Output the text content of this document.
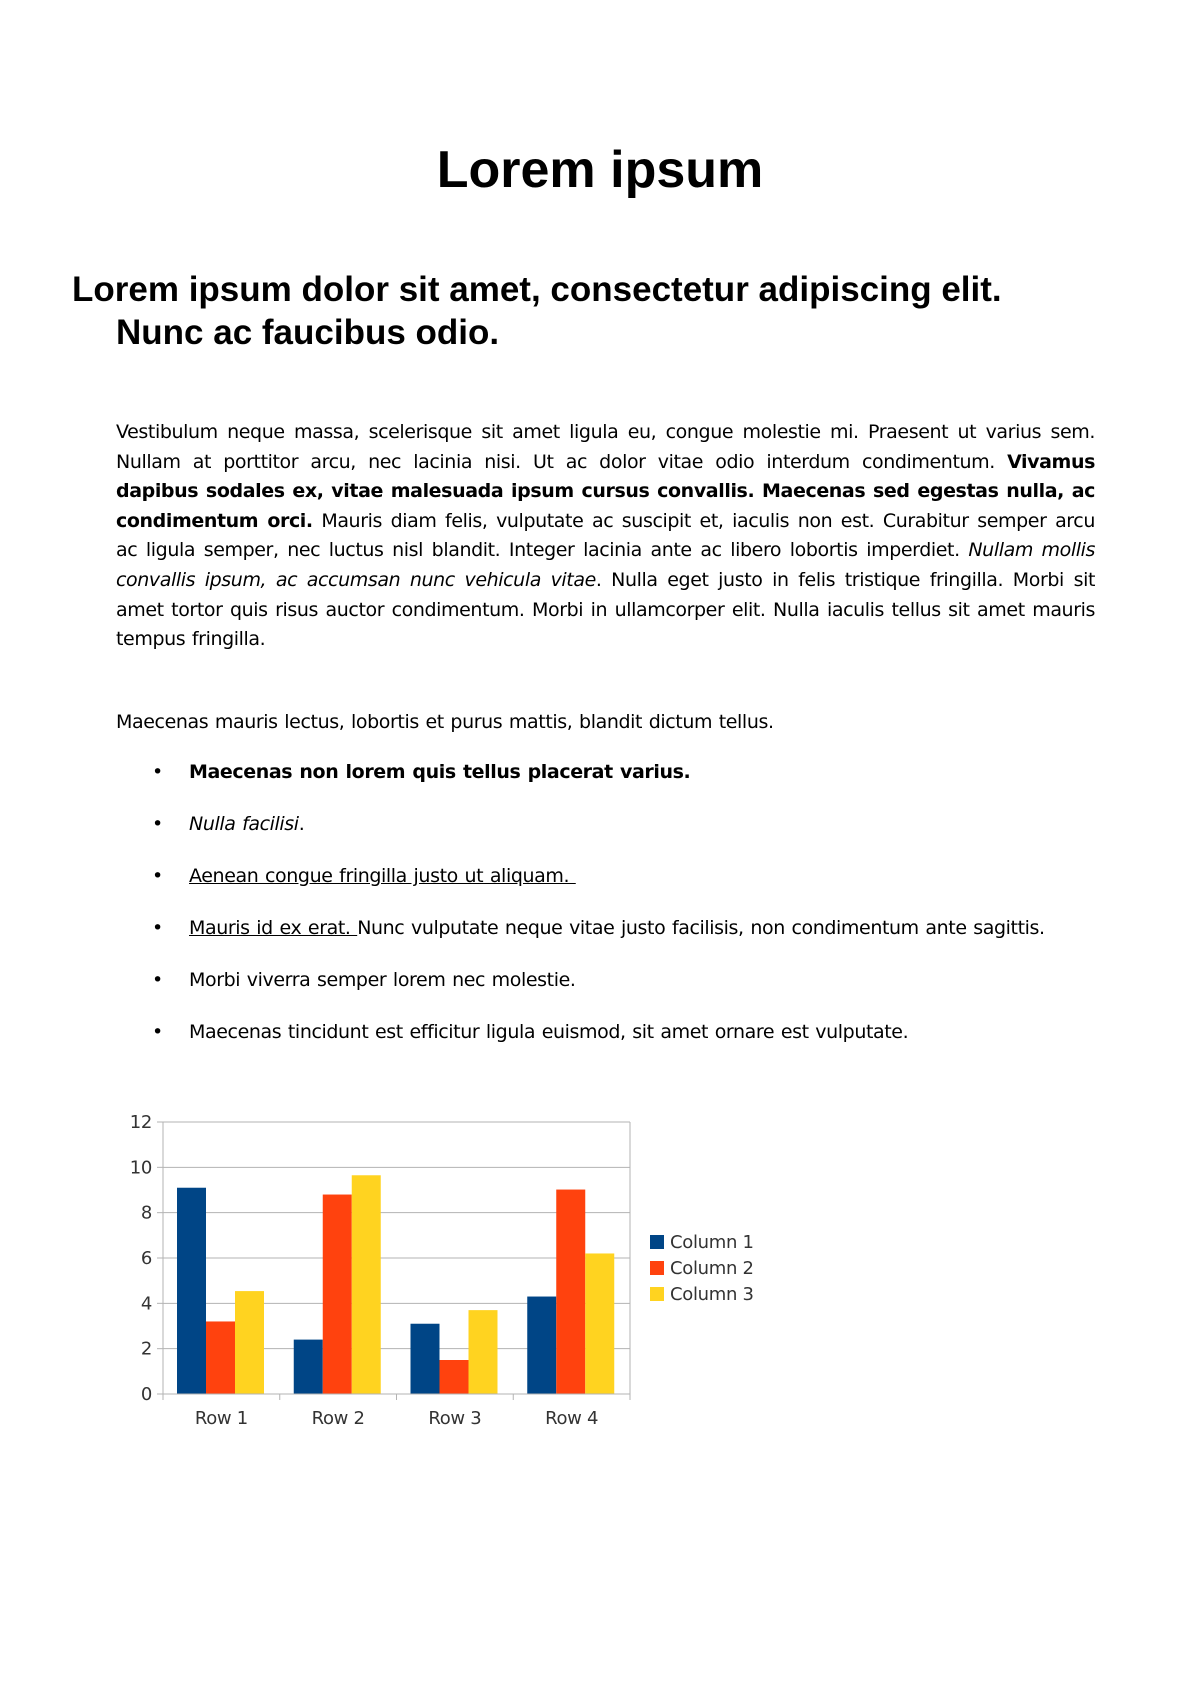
Lorem ipsum
Lorem ipsum dolor sit amet, consectetur adipiscing elit.
Nunc ac faucibus odio.

Vestibulum neque massa, scelerisque sit amet ligula eu, congue molestie mi. Praesent ut varius sem. Nullam at porttitor arcu, nec lacinia nisi. Ut ac dolor vitae odio interdum condimentum. Vivamus dapibus sodales ex, vitae malesuada ipsum cursus convallis. Maecenas sed egestas nulla, ac condimentum orci. Mauris diam felis, vulputate ac suscipit et, iaculis non est. Curabitur semper arcu ac ligula semper, nec luctus nisl blandit. Integer lacinia ante ac libero lobortis imperdiet. Nullam mollis convallis ipsum, ac accumsan nunc vehicula vitae. Nulla eget justo in felis tristique fringilla. Morbi sit amet tortor quis risus auctor condimentum. Morbi in ullamcorper elit. Nulla iaculis tellus sit amet mauris tempus fringilla.

Maecenas mauris lectus, lobortis et purus mattis, blandit dictum tellus.

• Maecenas non lorem quis tellus placerat varius.
• Nulla facilisi.
• Aenean congue fringilla justo ut aliquam.
• Mauris id ex erat. Nunc vulputate neque vitae justo facilisis, non condimentum ante sagittis.
• Morbi viverra semper lorem nec molestie.
• Maecenas tincidunt est efficitur ligula euismod, sit amet ornare est vulputate.
0
2
4
6
8
10
12
Row 1	Row 2	Row 3	Row 4
Column 1
Column 2
Column 3
